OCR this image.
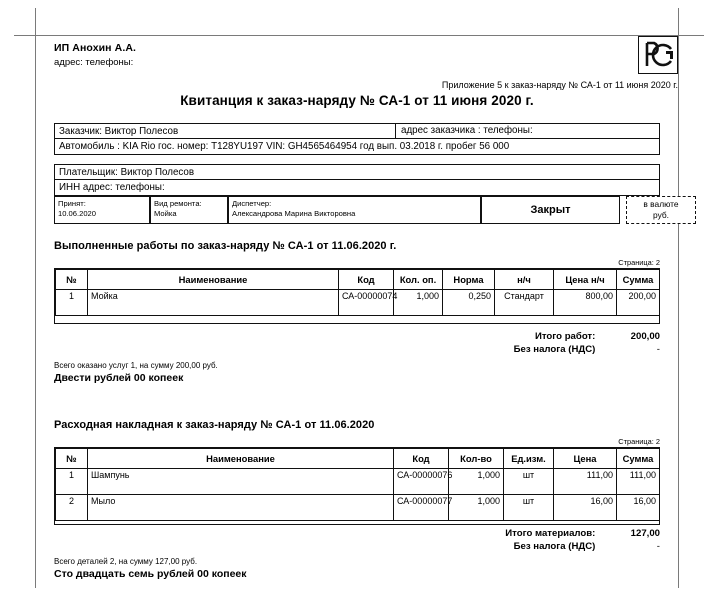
ИП Анохин А.А.
адрес: телефоны:
Приложение 5 к заказ-наряду № СА-1 от 11 июня 2020 г.
Квитанция к заказ-наряду № СА-1 от 11 июня 2020 г.
Заказчик: Виктор Полесов	адрес заказчика : телефоны:
Автомобиль : KIA Rio гос. номер: T128YU197 VIN: GH4565464954 год вып. 03.2018 г. пробег 56 000
Плательщик: Виктор Полесов
ИНН адрес: телефоны:
Принят:
10.06.2020
Вид ремонта:
Мойка
Диспетчер:
Александрова Марина Викторовна	Закрыт	в валюте
руб.
Выполненные работы по заказ-наряду № СА-1 от 11.06.2020 г.
Страница: 2
№	Наименование	Код	Кол. оп.	Норма	н/ч	Цена н/ч	Сумма
1	Мойка	СА-00000074	1,000	0,250	Стандарт	800,00	200,00
Итого работ:	200,00
Без налога (НДС)	-
Всего оказано услуг 1, на сумму 200,00 руб.
Двести рублей 00 копеек
Расходная накладная к заказ-наряду № СА-1 от 11.06.2020
Страница: 2
№	Наименование	Код	Кол-во	Ед.изм.	Цена	Сумма
1	Шампунь	СА-00000076	1,000	шт	111,00	111,00
2	Мыло	СА-00000077	1,000	шт	16,00	16,00
Итого материалов:	127,00
Без налога (НДС)	-
Всего деталей 2, на сумму 127,00 руб.
Сто двадцать семь рублей 00 копеек
